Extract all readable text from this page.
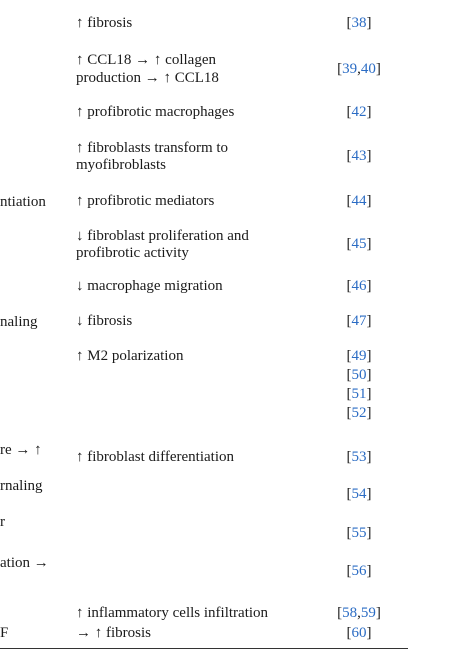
ntiation
naling
re → ↑
rnaling
r
ation →
F
↑ fibrosis
↑ CCL18 → ↑ collagen
production → ↑ CCL18
↑ profibrotic macrophages
↑ fibroblasts transform to
myofibroblasts
↑ profibrotic mediators
↓ fibroblast proliferation and
profibrotic activity
↓ macrophage migration
↓ fibrosis
↑ M2 polarization
↑ fibroblast differentiation
↑ inflammatory cells infiltration
→ ↑ fibrosis
[38]
[39,40]
[42]
[43]
[44]
[45]
[46]
[47]
[49]
[50]
[51]
[52]
[53]
[54]
[55]
[56]
[58,59]
[60]
